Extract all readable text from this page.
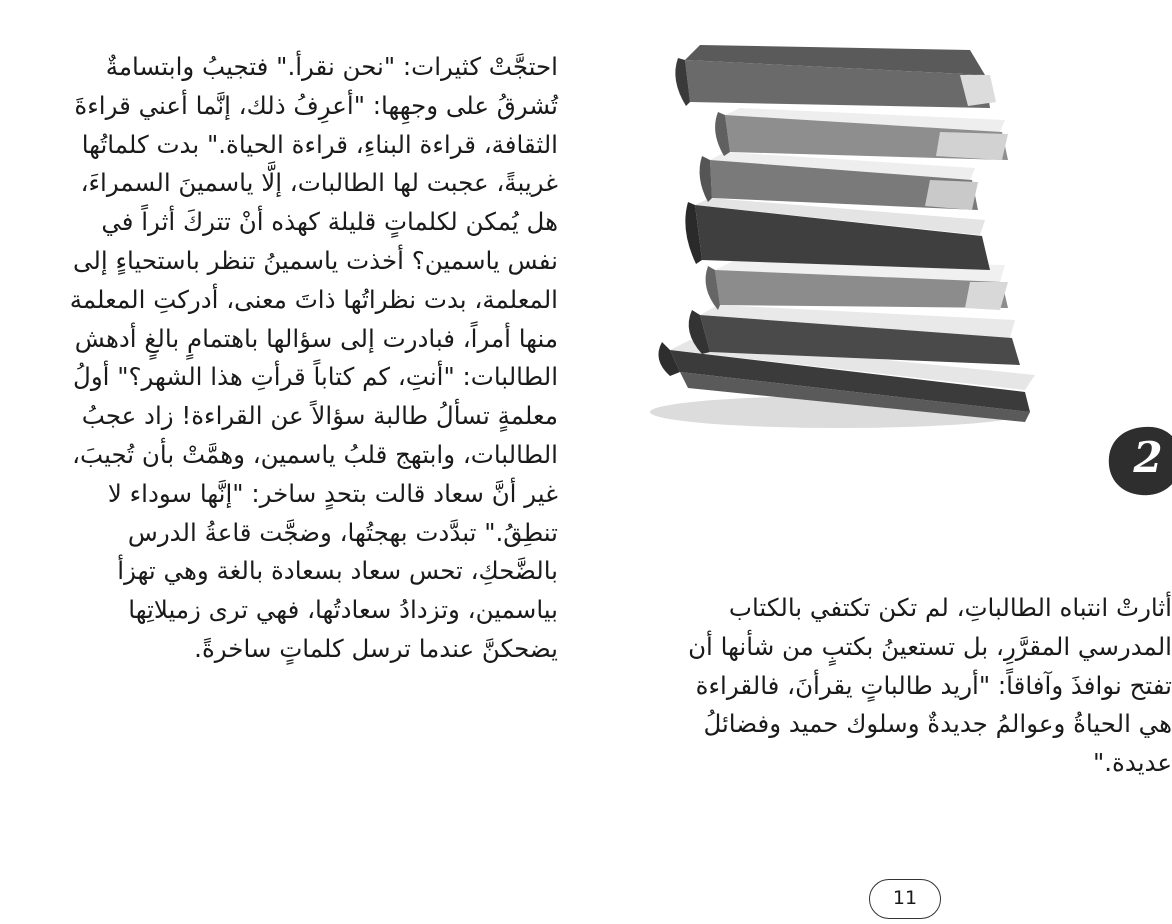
احتجَّتْ كثيرات: "نحن نقرأ." فتجيبُ وابتسامةٌ
تُشرقُ على وجهِها: "أعرِفُ ذلك، إنَّما أعني قراءةَ
الثقافة، قراءة البناءِ، قراءة الحياة." بدت كلماتُها
غريبةً، عجبت لها الطالبات، إلَّا ياسمينَ السمراءَ،
هل يُمكن لكلماتٍ قليلة كهذه أنْ تتركَ أثراً في
نفس ياسمين؟ أخذت ياسمينُ تنظر باستحياءٍ إلى
المعلمة، بدت نظراتُها ذاتَ معنى، أدركتِ المعلمة
منها أمراً، فبادرت إلى سؤالها باهتمامٍ بالغٍ أدهش
الطالبات: "أنتِ، كم كتاباً قرأتِ هذا الشهر؟" أولُ
معلمةٍ تسألُ طالبة سؤالاً عن القراءة! زاد عجبُ
الطالبات، وابتهج قلبُ ياسمين، وهمَّتْ بأن تُجيبَ،
غير أنَّ سعاد قالت بتحدٍ ساخر: "إنَّها سوداء لا
تنطِقُ." تبدَّدت بهجتُها، وضجَّت قاعةُ الدرس
بالضَّحكِ، تحس سعاد بسعادة بالغة وهي تهزأ
بياسمين، وتزدادُ سعادتُها، فهي ترى زميلاتِها
يضحكنَّ عندما ترسل كلماتٍ ساخرةً.
2
أثارتْ انتباه الطالباتِ، لم تكن تكتفي بالكتاب
المدرسي المقرَّرِ، بل تستعينُ بكتبٍ من شأنها أن
تفتح نوافذَ وآفاقاً: "أريد طالباتٍ يقرأنَ، فالقراءة
هي الحياةُ وعوالمُ جديدةٌ وسلوك حميد وفضائلُ
عديدة."
11
